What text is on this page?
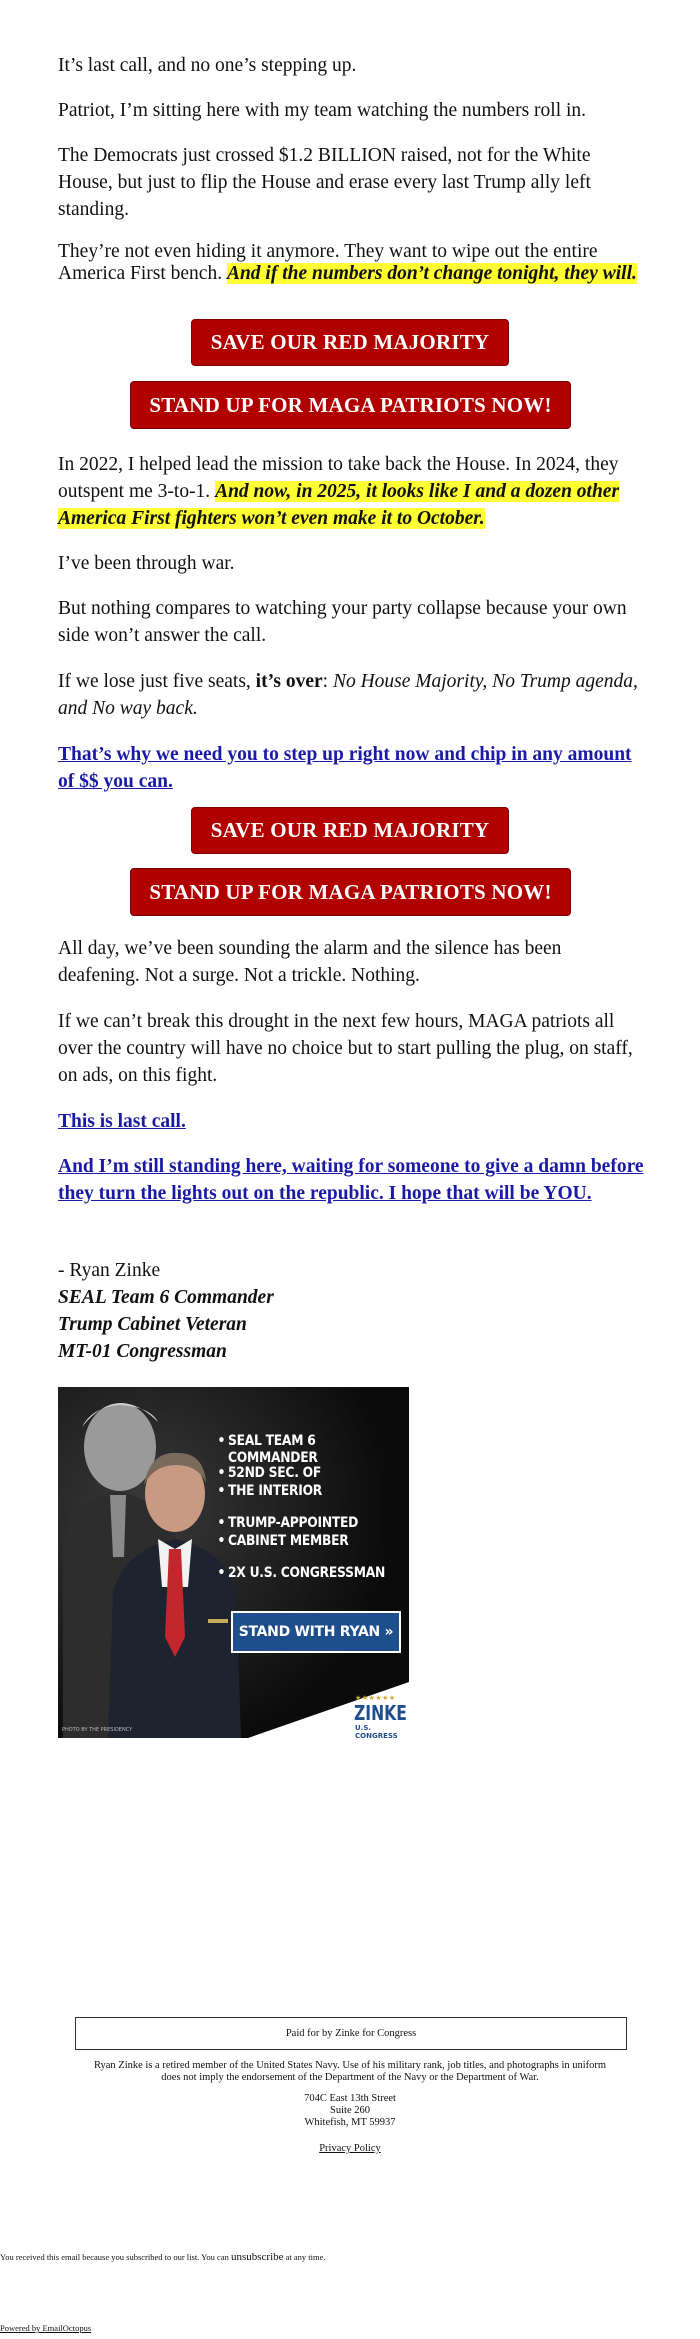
It’s last call, and no one’s stepping up.

Patriot, I’m sitting here with my team watching the numbers roll in.

The Democrats just crossed $1.2 BILLION raised, not for the White House, but just to flip the House and erase every last Trump ally left standing.

They’re not even hiding it anymore. They want to wipe out the entire America First bench. And if the numbers don’t change tonight, they will.

In 2022, I helped lead the mission to take back the House. In 2024, they outspent me 3-to-1. And now, in 2025, it looks like I and a dozen other America First fighters won’t even make it to October.

I’ve been through war.

But nothing compares to watching your party collapse because your own side won’t answer the call.

If we lose just five seats, it’s over: No House Majority, No Trump agenda, and No way back.

That’s why we need you to step up right now and chip in any amount of $$ you can.

All day, we’ve been sounding the alarm and the silence has been deafening. Not a surge. Not a trickle. Nothing.

If we can’t break this drought in the next few hours, MAGA patriots all over the country will have no choice but to start pulling the plug, on staff, on ads, on this fight.

This is last call.

And I’m still standing here, waiting for someone to give a damn before they turn the lights out on the republic. I hope that will be YOU.

- Ryan Zinke

SEAL Team 6 Commander

Trump Cabinet Veteran

MT-01 Congressman

SAVE OUR RED MAJORITY
STAND UP FOR MAGA PATRIOTS NOW!
SAVE OUR RED MAJORITY
STAND UP FOR MAGA PATRIOTS NOW!
• SEAL TEAM 6 COMMANDER
• 52ND SEC. OF
• THE INTERIOR
• TRUMP-APPOINTED
• CABINET MEMBER
• 2X U.S. CONGRESSMAN
STAND WITH RYAN »
★★★★★★
ZINKE
U.S. CONGRESS
PHOTO BY THE PRESIDENCY
Paid for by Zinke for Congress
Ryan Zinke is a retired member of the United States Navy. Use of his military rank, job titles, and photographs in uniform does not imply the endorsement of the Department of the Navy or the Department of War.
704C East 13th Street
Suite 260
Whitefish, MT 59937
Privacy Policy
You received this email because you subscribed to our list. You can unsubscribe at any time.
Powered by EmailOctopus
